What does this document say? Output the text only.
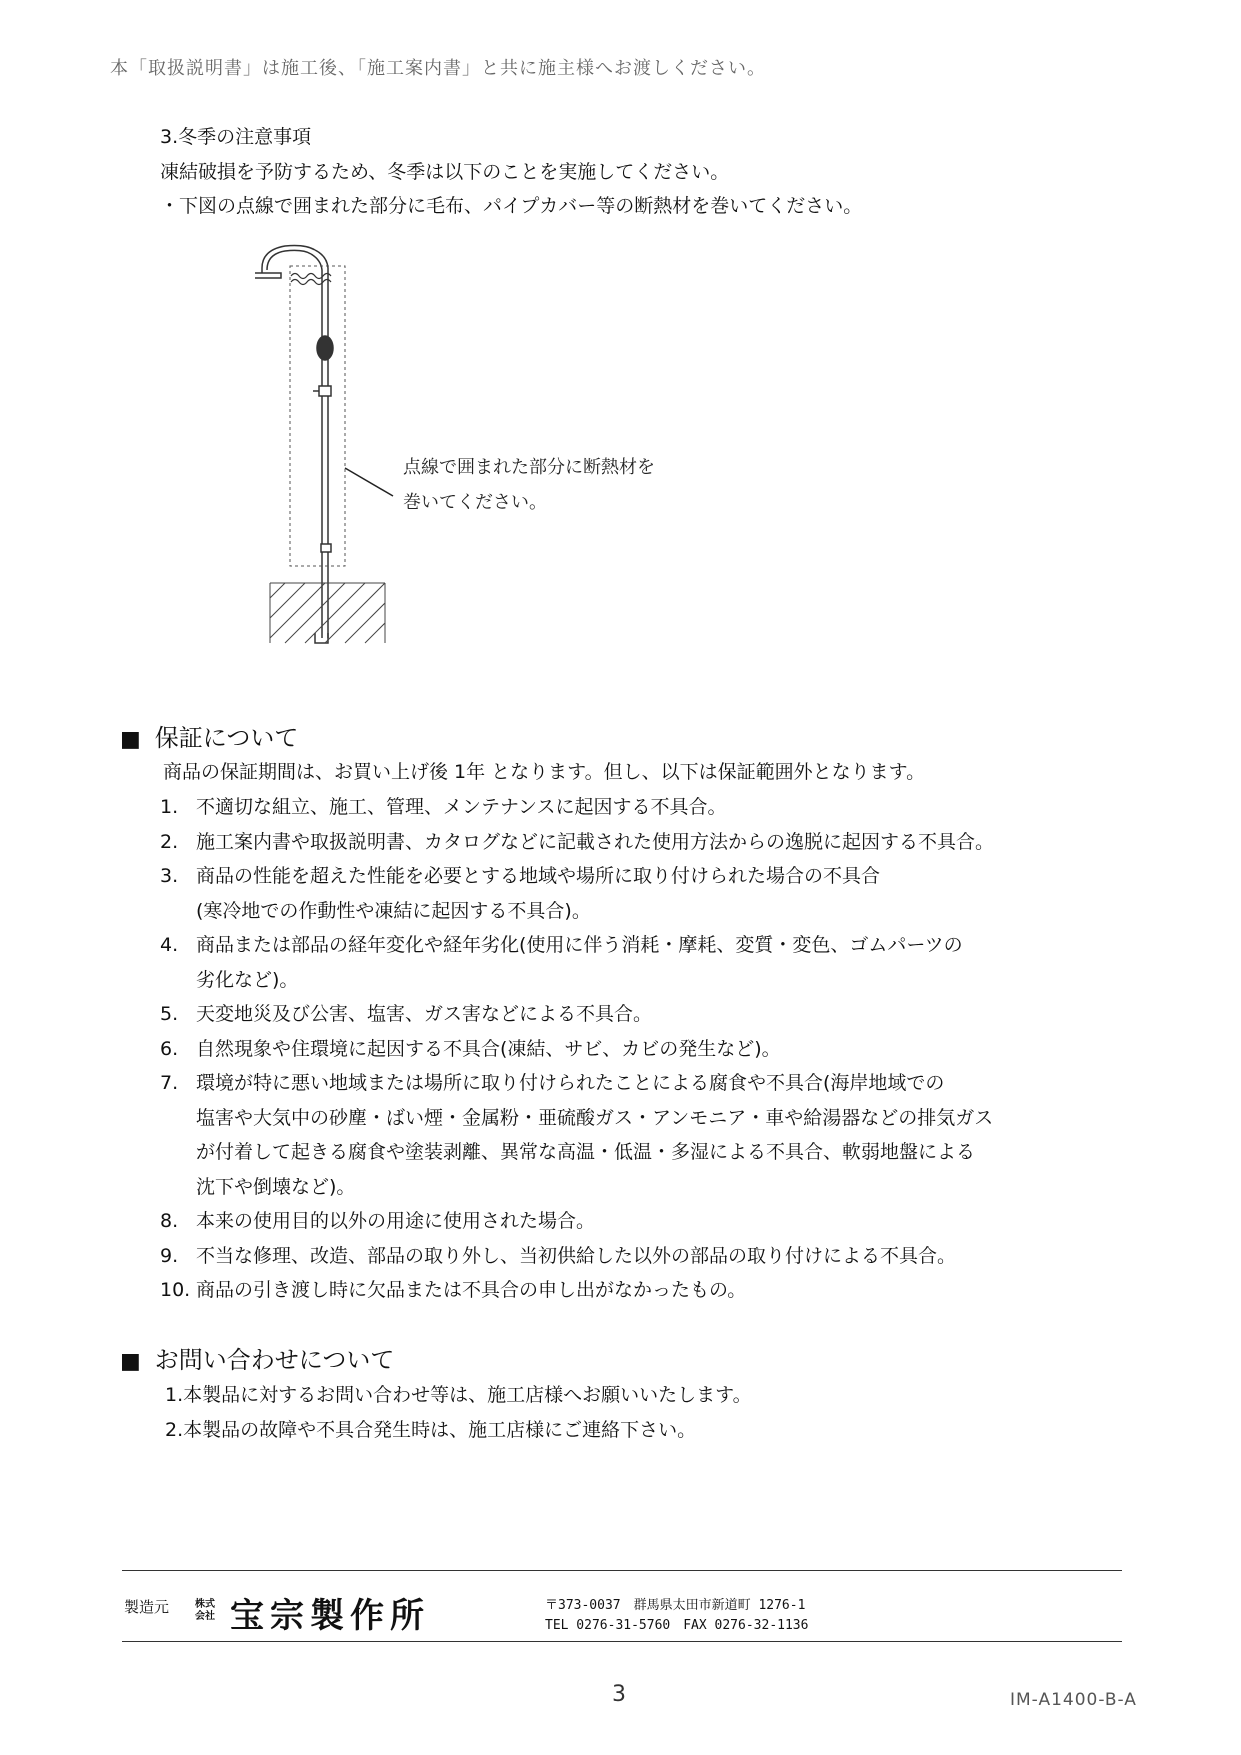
本「取扱説明書」は施工後、「施工案内書」と共に施主様へお渡しください。
3.冬季の注意事項
凍結破損を予防するため、冬季は以下のことを実施してください。
・下図の点線で囲まれた部分に毛布、パイプカバー等の断熱材を巻いてください。
点線で囲まれた部分に断熱材を
巻いてください。
■ 保証について
商品の保証期間は、お買い上げ後 1年 となります。但し、以下は保証範囲外となります。
1. 不適切な組立、施工、管理、メンテナンスに起因する不具合。
2. 施工案内書や取扱説明書、カタログなどに記載された使用方法からの逸脱に起因する不具合。
3. 商品の性能を超えた性能を必要とする地域や場所に取り付けられた場合の不具合
(寒冷地での作動性や凍結に起因する不具合)。
4. 商品または部品の経年変化や経年劣化(使用に伴う消耗・摩耗、変質・変色、ゴムパーツの
劣化など)。
5. 天変地災及び公害、塩害、ガス害などによる不具合。
6. 自然現象や住環境に起因する不具合(凍結、サビ、カビの発生など)。
7. 環境が特に悪い地域または場所に取り付けられたことによる腐食や不具合(海岸地域での
塩害や大気中の砂塵・ばい煙・金属粉・亜硫酸ガス・アンモニア・車や給湯器などの排気ガス
が付着して起きる腐食や塗装剥離、異常な高温・低温・多湿による不具合、軟弱地盤による
沈下や倒壊など)。
8. 本来の使用目的以外の用途に使用された場合。
9. 不当な修理、改造、部品の取り外し、当初供給した以外の部品の取り付けによる不具合。
10. 商品の引き渡し時に欠品または不具合の申し出がなかったもの。
■ お問い合わせについて
1.本製品に対するお問い合わせ等は、施工店様へお願いいたします。
2.本製品の故障や不具合発生時は、施工店様にご連絡下さい。
製造元	株式
会社 宝宗製作所	〒373-0037　群馬県太田市新道町 1276-1
TEL 0276-31-5760　FAX 0276-32-1136
3	IM-A1400-B-A
